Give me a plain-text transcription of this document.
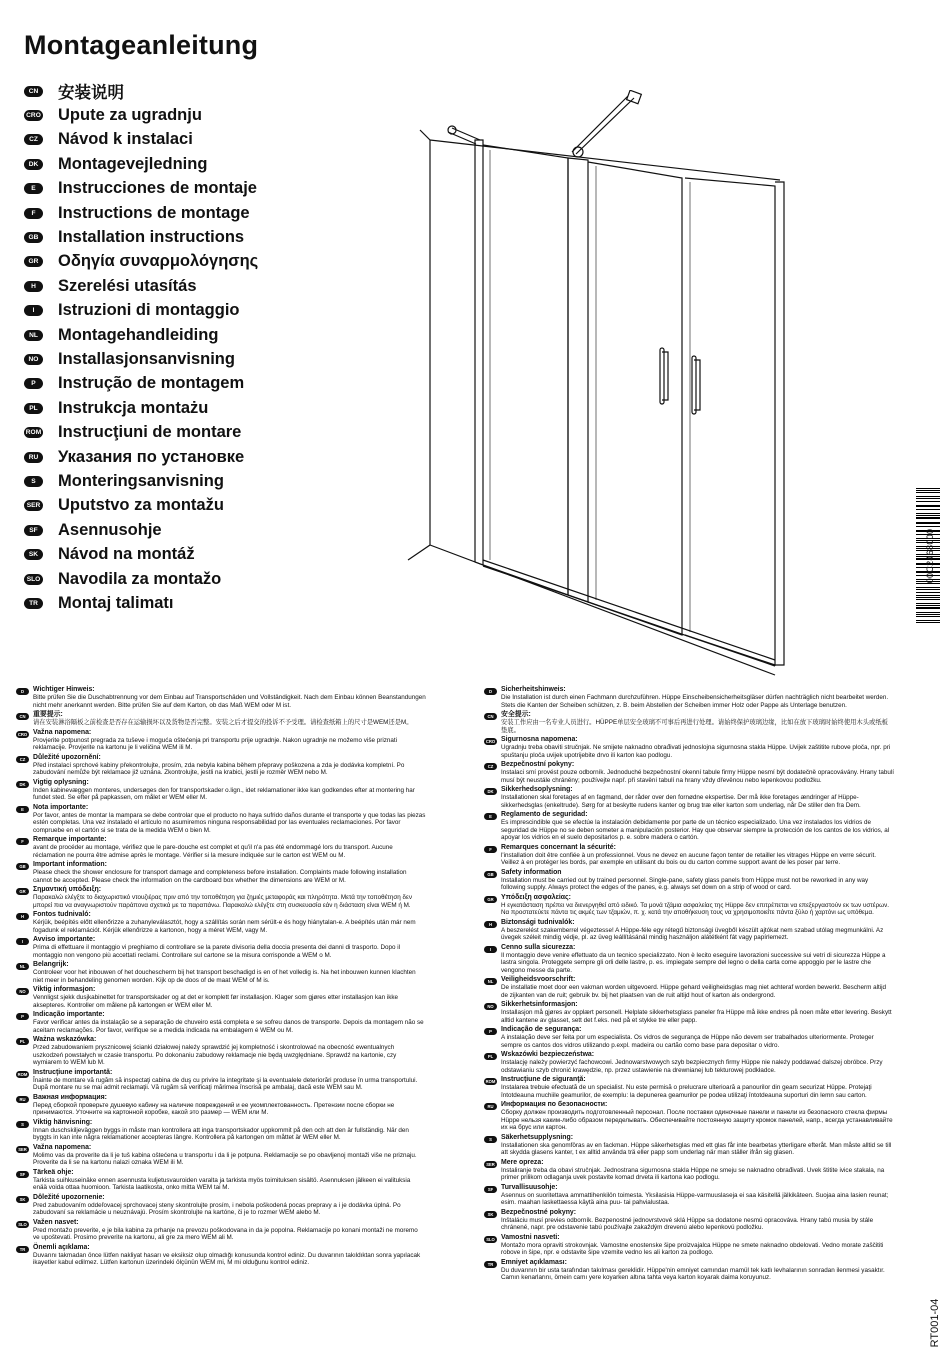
Montageanleitung
CN 安装说明
CRO Upute za ugradnju
CZ	Návod k instalaci
DK Montagevejledning
E	Instrucciones de montaje
F	Instructions de montage
GB Installation instructions
GR Οδηγία συναρμολόγησης
H	Szerelési utasítás
I	Istruzioni di montaggio
NL	Montagehandleiding
NO Installasjonsanvisning
P	Instrução de montagem
PL	Instrukcja montażu
ROM Instrucţiuni de montare
RU Указания по установке
S	Monteringsanvisning
SER Uputstvo za montažu
SF	Asennusohje
SK Návod na montáž
SLO Navodila za montažo
TR	Montaj talimatı
00C2468000
D	Wichtiger Hinweis:
Bitte prüfen Sie die Duschabtrennung vor dem Einbau auf Transportschäden und Vollständigkeit. Nach dem Einbau können Beanstandungen nicht mehr anerkannt werden. Bitte prüfen Sie auf dem Karton, ob das Maß WEM oder M ist.
CN	重要提示:
请在安装淋浴隔板之前检查是否存在运输损坏以及货物是否完整。安装之后才提交的投诉不予受理。请检查纸箱上的尺寸是WEM还是M。
CRO Važna napomena:
Provjerite potpunost pregrada za tuševe i moguća oštećenja pri transportu prije ugradnje. Nakon ugradnje ne možemo više priznati reklamacije. Provjerite na kartonu je li veličina WEM ili M.
CZ	Důležité upozornění:
Před instalací sprchové kabiny překontrolujte, prosím, zda nebyla kabina během přepravy poškozena a zda je dodávka kompletní. Po zabudování nemůže být reklamace již uznána. Zkontrolujte, jestli na krabici, jestli je rozměr WEM nebo M.
DK	Vigtig oplysning:
Inden kabinevæggen monteres, undersøges den for transportskader o.lign., idet reklamationer ikke kan godkendes efter at montering har fundet sted. Se efter på papkassen, om målet er WEM eller M.
E	Nota importante:
Por favor, antes de montar la mampara se debe controlar que el producto no haya sufrido daños durante el transporte y que todas las piezas estén completas. Una vez instalado el artículo no asumiremos ninguna responsabilidad por las eventuales reclamaciones. Por favor compruebe en el cartón si se trata de la medida WEM o bien M.
F	Remarque importante:
avant de procéder au montage, vérifiez que le pare-douche est complet et qu'il n'a pas été endommagé lors du transport. Aucune réclamation ne pourra être admise après le montage. Vérifier si la mesure indiquée sur le carton est WEM ou M.
GB	Important information:
Please check the shower enclosure for transport damage and completeness before installation. Complaints made following installation cannot be accepted. Please check the information on the cardboard box whether the dimensions are WEM or M.
GR	Σημαντική υπόδειξη:
Παρακαλώ ελέγξτε το διαχωριστικό ντουζιέρας πριν από την τοποθέτηση για ζημιές μεταφοράς και πληρότητα. Μετά την τοποθέτηση δεν μπορεί πια να αναγνωριστούν παράπονα σχετικά με τα παραπάνω. Παρακαλώ ελέγξτε στη συσκευασία εάν η διάσταση είναι WEM ή M.
H	Fontos tudnivaló:
Kérjük, beépítés előtt ellenőrizze a zuhanyleválasztót, hogy a szállítás során nem sérült-e és hogy hiánytalan-e. A beépítés után már nem fogadunk el reklamációt. Kérjük ellenőrizze a kartonon, hogy a méret WEM, vagy M.
I	Avviso importante:
Prima di effettuare il montaggio vi preghiamo di controllare se la parete divisoria della doccia presenta dei danni di trasporto. Dopo il montaggio non vengono più accettati reclami. Controllare sul cartone se la misura corrisponde a WEM o M.
NL	Belangrijk:
Controleer voor het inbouwen of het douchescherm bij het transport beschadigd is en of het volledig is. Na het inbouwen kunnen klachten niet meer in behandeling genomen worden. Kijk op de doos of de maat WEM of M is.
NO	Viktig informasjon:
Vennligst sjekk dusjkabinettet for transportskader og at det er komplett før installasjon. Klager som gjøres etter installasjon kan ikke aksepteres. Kontroller om målene på kartongen er WEM eller M.
P	Indicação importante:
Favor verificar antes da instalação se a separação de chuveiro está completa e se sofreu danos de transporte. Depois da montagem não se aceitam reclamações. Por favor, verifique se a medida indicada na embalagem é WEM ou M.
PL	Ważna wskazówka:
Przed zabudowaniem prysznicowej ścianki działowej należy sprawdzić jej kompletność i skontrolować na obecność ewentualnych uszkodzeń powstałych w czasie transportu. Po dokonaniu zabudowy reklamacje nie będą uwzględniane. Sprawdź na kartonie, czy wymiarem to WEM lub M.
ROM Instrucţiune importantă:
Înainte de montare vă rugăm să inspectaţi cabina de duş cu privire la integritate şi la eventualele deteriorări produse în urma transportului. După montare nu se mai admit reclamaţii. Vă rugăm să verificaţi mărimea înscrisă pe ambalaj, dacă este WEM sau M.
RU	Важная информация:
Перед сборкой проверьте душевую кабину на наличие повреждений и ее укомплектованность. Претензии после сборки не принимаются. Уточните на картонной коробке, какой это размер — WEM или M.
S	Viktig hänvisning:
Innan duschskiljeväggen byggs in måste man kontrollera att inga transportskador uppkommit på den och att den är fullständig. När den byggts in kan inte några reklamationer accepteras längre. Kontrollera på kartongen om måttet är WEM eller M.
SER Važna napomena:
Molimo vas da proverite da li je tuš kabina oštećena u transportu i da li je potpuna. Reklamacije se po obavljenoj montaži više ne priznaju. Proverite da li se na kartonu nalazi oznaka WEM ili M.
SF	Tärkeä ohje:
Tarkista suihkuseinäke ennen asennusta kuljetusvauroiden varalta ja tarkista myös toimituksen sisältö. Asennuksen jälkeen ei valituksia enää voida ottaa huomioon. Tarkista laatikosta, onko mitta WEM tai M.
SK	Dôležité upozornenie:
Pred zabudovaním oddeľovacej sprchovacej steny skontrolujte prosím, i nebola poškodená pocas prepravy a i je dodávka úplná. Po zabudovaní sa reklamácie u neuznávajú. Prosím skontrolujte na kartóne, či je to rozmer WEM alebo M.
SLO Važen nasvet:
Pred montažo preverite, e je bila kabina za prhanje na prevozu poškodovana in da je popolna. Reklamacije po konani montaži ne moremo ve upoštevati. Prosimo preverite na kartonu, ali gre za mero WEM ali M.
TR	Önemli açıklama:
Duvarını takmadan önce lütfen nakliyat hasarı ve eksiksiz olup olmadığı konusunda kontrol ediniz. Du duvarının takıldıktan sonra yapılacak ikayetler kabul edilmez. Lütfen kartonun üzerindeki ölçünün WEM mi, M mi olduğunu kontrol ediniz.
D	Sicherheitshinweis:
Die Installation ist durch einen Fachmann durchzuführen. Hüppe Einscheibensicherheitsgläser dürfen nachträglich nicht bearbeitet werden. Stets die Kanten der Scheiben schützen, z. B. beim Abstellen der Scheiben immer Holz oder Pappe als Unterlage benutzen.
CN	安全提示:
安装工作应由一名专业人员进行。HÜPPE单层安全玻璃不可事后再进行处理。请始终保护玻璃边缘，比如在放下玻璃时始终使用木头或纸板垫底。
CRO Sigurnosna napomena:
Ugradnju treba obaviti stručnjak. Ne smijete naknadno obrađivati jednoslojna sigurnosna stakla Hüppe. Uvijek zaštitite rubove ploča, npr. pri spuštanju ploča uvijek upotrijebite drvo ili karton kao podlogu.
CZ	Bezpečnostní pokyny:
Instalaci smí provést pouze odborník. Jednoduché bezpečnostní okenní tabule firmy Hüppe nesmí být dodatečně opracovávány. Hrany tabulí musí být neustále chráněny; používejte např. při stavění tabulí na hrany vždy dřevěnou nebo lepenkovou podložku.
DK	Sikkerhedsoplysning:
Installationen skal foretages af en fagmand, der råder over den fornødne ekspertise. Der må ikke foretages ændringer af Hüppe-sikkerhedsglas (enkeltrude). Sørg for at beskytte rudens kanter og brug træ eller karton som underlag, når De stiller den fra Dem.
E	Reglamento de seguridad:
Es imprescindible que se efectúe la instalación debidamente por parte de un técnico especializado. Una vez instalados los vidrios de seguridad de Hüppe no se deben someter a manipulación posterior. Hay que observar siempre la protección de los cantos de los vidrios, al apoyar los vidrios en el suelo depositarlos p. e. sobre madera o cartón.
F	Remarques concernant la sécurité:
l'installation doit être confiée à un professionnel. Vous ne devez en aucune façon tenter de retailler les vitrages Hüppe en verre sécurit. Veillez à en protéger les bords, par exemple en utilisant du bois ou du carton comme support avant de les poser par terre.
GB	Safety information
Installation must be carried out by trained personnel. Single-pane, safety glass panels from Hüppe must not be reworked in any way following supply. Always protect the edges of the panes, e.g. always set down on a strip of wood or card.
GR	Υπόδειξη ασφαλείας:
Η εγκατάσταση πρέπει να διενεργηθεί από ειδικό. Τα μονά τζάμια ασφαλείας της Hüppe δεν επιτρέπεται να επεξεργαστούν εκ των υστέρων. Να προστατεύετε πάντα τις ακμές των τζαμιών, π. χ. κατά την αποθήκευση τους να χρησιμοποιείτε πάντα ξύλο ή χαρτόνι ως υπόθεμα.
H	Biztonsági tudnivalók:
A beszerelést szakemberrel végeztesse! A Hüppe-féle egy rétegű biztonsági üvegből készült ajtókat nem szabad utólag megmunkálni. Az üvegek széleit mindig védje, pl. az üveg leállításánál mindig használjon alátétként fát vagy papírlemezt.
I	Cenno sulla sicurezza:
Il montaggio deve venire effettuato da un tecnico specializzato. Non è lecito eseguire lavorazioni successive sui vetri di sicurezza Hüppe a lastra singola. Proteggete sempre gli orli delle lastre, p. es. impiegate sempre del legno o della carta come appoggio per le lastre che vengono messe da parte.
NL	Veiligheidsvoorschrift:
De installatie moet door een vakman worden uitgevoerd. Hüppe gehard veiligheidsglas mag niet achteraf worden bewerkt. Bescherm altijd de zijkanten van de ruit; gebruik bv. bij het plaatsen van de ruit altijd hout of karton als ondergrond.
NO	Sikkerhetsinformasjon:
Installasjon må gjøres av opplært personell. Helplate sikkerhetsglass paneler fra Hüppe må ikke endres på noen måte etter levering. Beskytt alltid kantene av glasset, sett det f.eks. ned på et stykke tre eller papp.
P	Indicação de segurança:
A instalação deve ser feita por um especialista. Os vidros de segurança de Hüppe não devem ser trabalhados ulteriormente. Proteger sempre os cantos dos vidros utilizando p.expl. madeira ou cartão como base para depositar o vidro.
PL	Wskazówki bezpieczeństwa:
Instalację należy powierzyć fachowcowi. Jednowarstwowych szyb bezpiecznych firmy Hüppe nie należy poddawać dalszej obróbce. Przy odstawianiu szyb chronić krawędzie, np. przez ustawienie na drewnianej lub tekturowej podkładce.
ROM Instrucţiune de siguranţă:
Instalarea trebuie efectuată de un specialist. Nu este permisă o prelucrare ulterioară a panourilor din geam securizat Hüppe. Protejaţi întotdeauna muchiile geamurilor, de exemplu: la depunerea geamurilor pe podea utilizaţi întotdeauna suporturi din lemn sau carton.
RU	Информация по безопасности:
Сборку должен производить подготовленный персонал. После поставки одиночные панели и панели из безопасного стекла фирмы Hüppe нельзя каким-либо образом переделывать. Обеспечивайте постоянную защиту кромок панелей, напр., всегда устанавливайте их на брус или картон.
S	Säkerhetsupplysning:
Installationen ska genomföras av en fackman. Hüppe säkerhetsglas med ett glas får inte bearbetas ytterligare efteråt. Man måste alltid se till att skydda glasens kanter, t ex alltid använda trä eller papp som underlag när man ställer ifrån sig glasen.
SER Mere opreza:
Instaliranje treba da obavi stručnjak. Jednostrana sigurnosna stakla Hüppe ne smeju se naknadno obrađivati. Uvek štitite ivice stakala, na primer prilikom odlaganja uvek postavite komad drveta ili kartona kao podlogu.
SF	Turvallisuusohje:
Asennus on suoritettava ammattihenkilön toimesta. Yksilasisia Hüppe-varmuuslaseja ei saa käsitellä jälkikäteen. Suojaa aina lasien reunat; esim. maahan laskettaessa käytä aina puu- tai pahvialustaa.
SK	Bezpečnostné pokyny:
Inštaláciu musí previes odborník. Bezpenostné jednovrstvové sklá Hüppe sa dodatone nesmú opracováva. Hrany tabú musia by stále chránené, napr. pre odstavenie tabú používajte zakaždým drevenú alebo lepenkovú podložku.
SLO Vamostni nasveti:
Montažo mora opraviti strokovnjak. Vamostne enostenske šipe proizvajalca Hüppe ne smete naknadno obdelovati. Vedno morate zaščititi robove in šipe, npr. e odstavite šipe vzemite vedno les ali karton za podlogo.
TR	Emniyet açıklaması:
Du duvarının bir usta tarafından takılması gereklidir. Hüppe'nin emniyet camından mamül tek katlı levhalarının sonradan ilenmesi yasaktır. Camın kenarlarını, ömein camı yere koyarken altına tahta veya karton koyarak daima koruyunuz.
RT001-04
